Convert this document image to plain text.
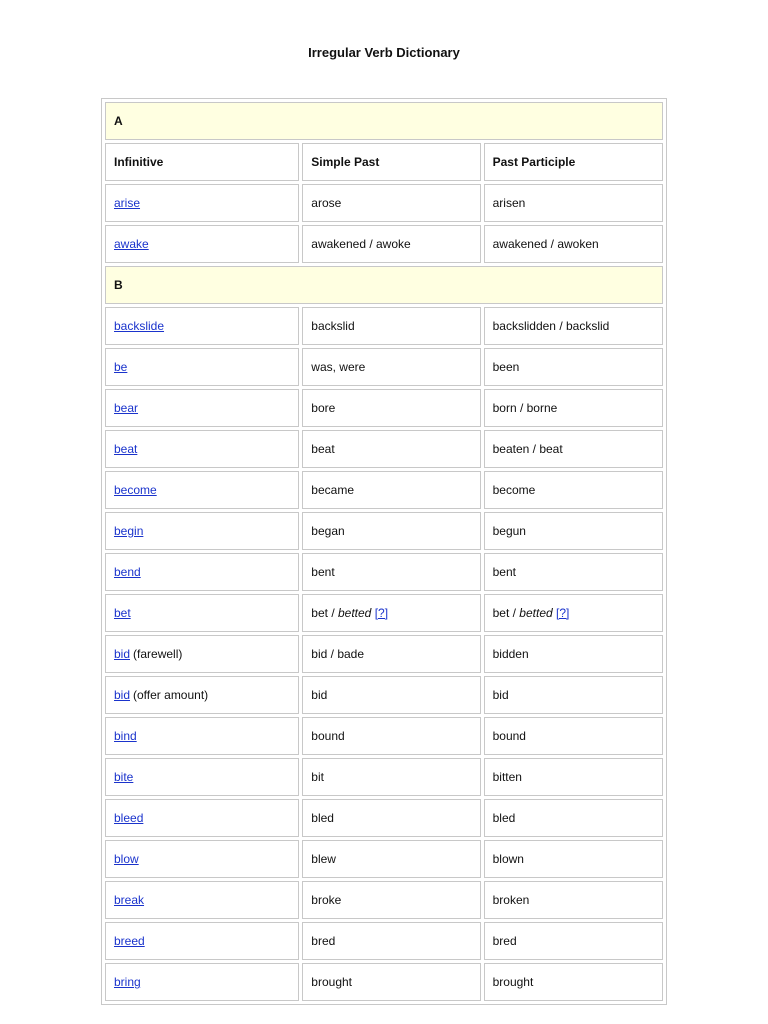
Irregular Verb Dictionary
A		
Infinitive	Simple Past	Past Participle
arise	arose	arisen
awake	awakened / awoke	awakened / awoken
B		
backslide	backslid	backslidden / backslid
be	was, were	been
bear	bore	born / borne
beat	beat	beaten / beat
become	became	become
begin	began	begun
bend	bent	bent
bet	bet / betted [?]	bet / betted [?]
bid (farewell)	bid / bade	bidden
bid (offer amount)	bid	bid
bind	bound	bound
bite	bit	bitten
bleed	bled	bled
blow	blew	blown
break	broke	broken
breed	bred	bred
bring	brought	brought
